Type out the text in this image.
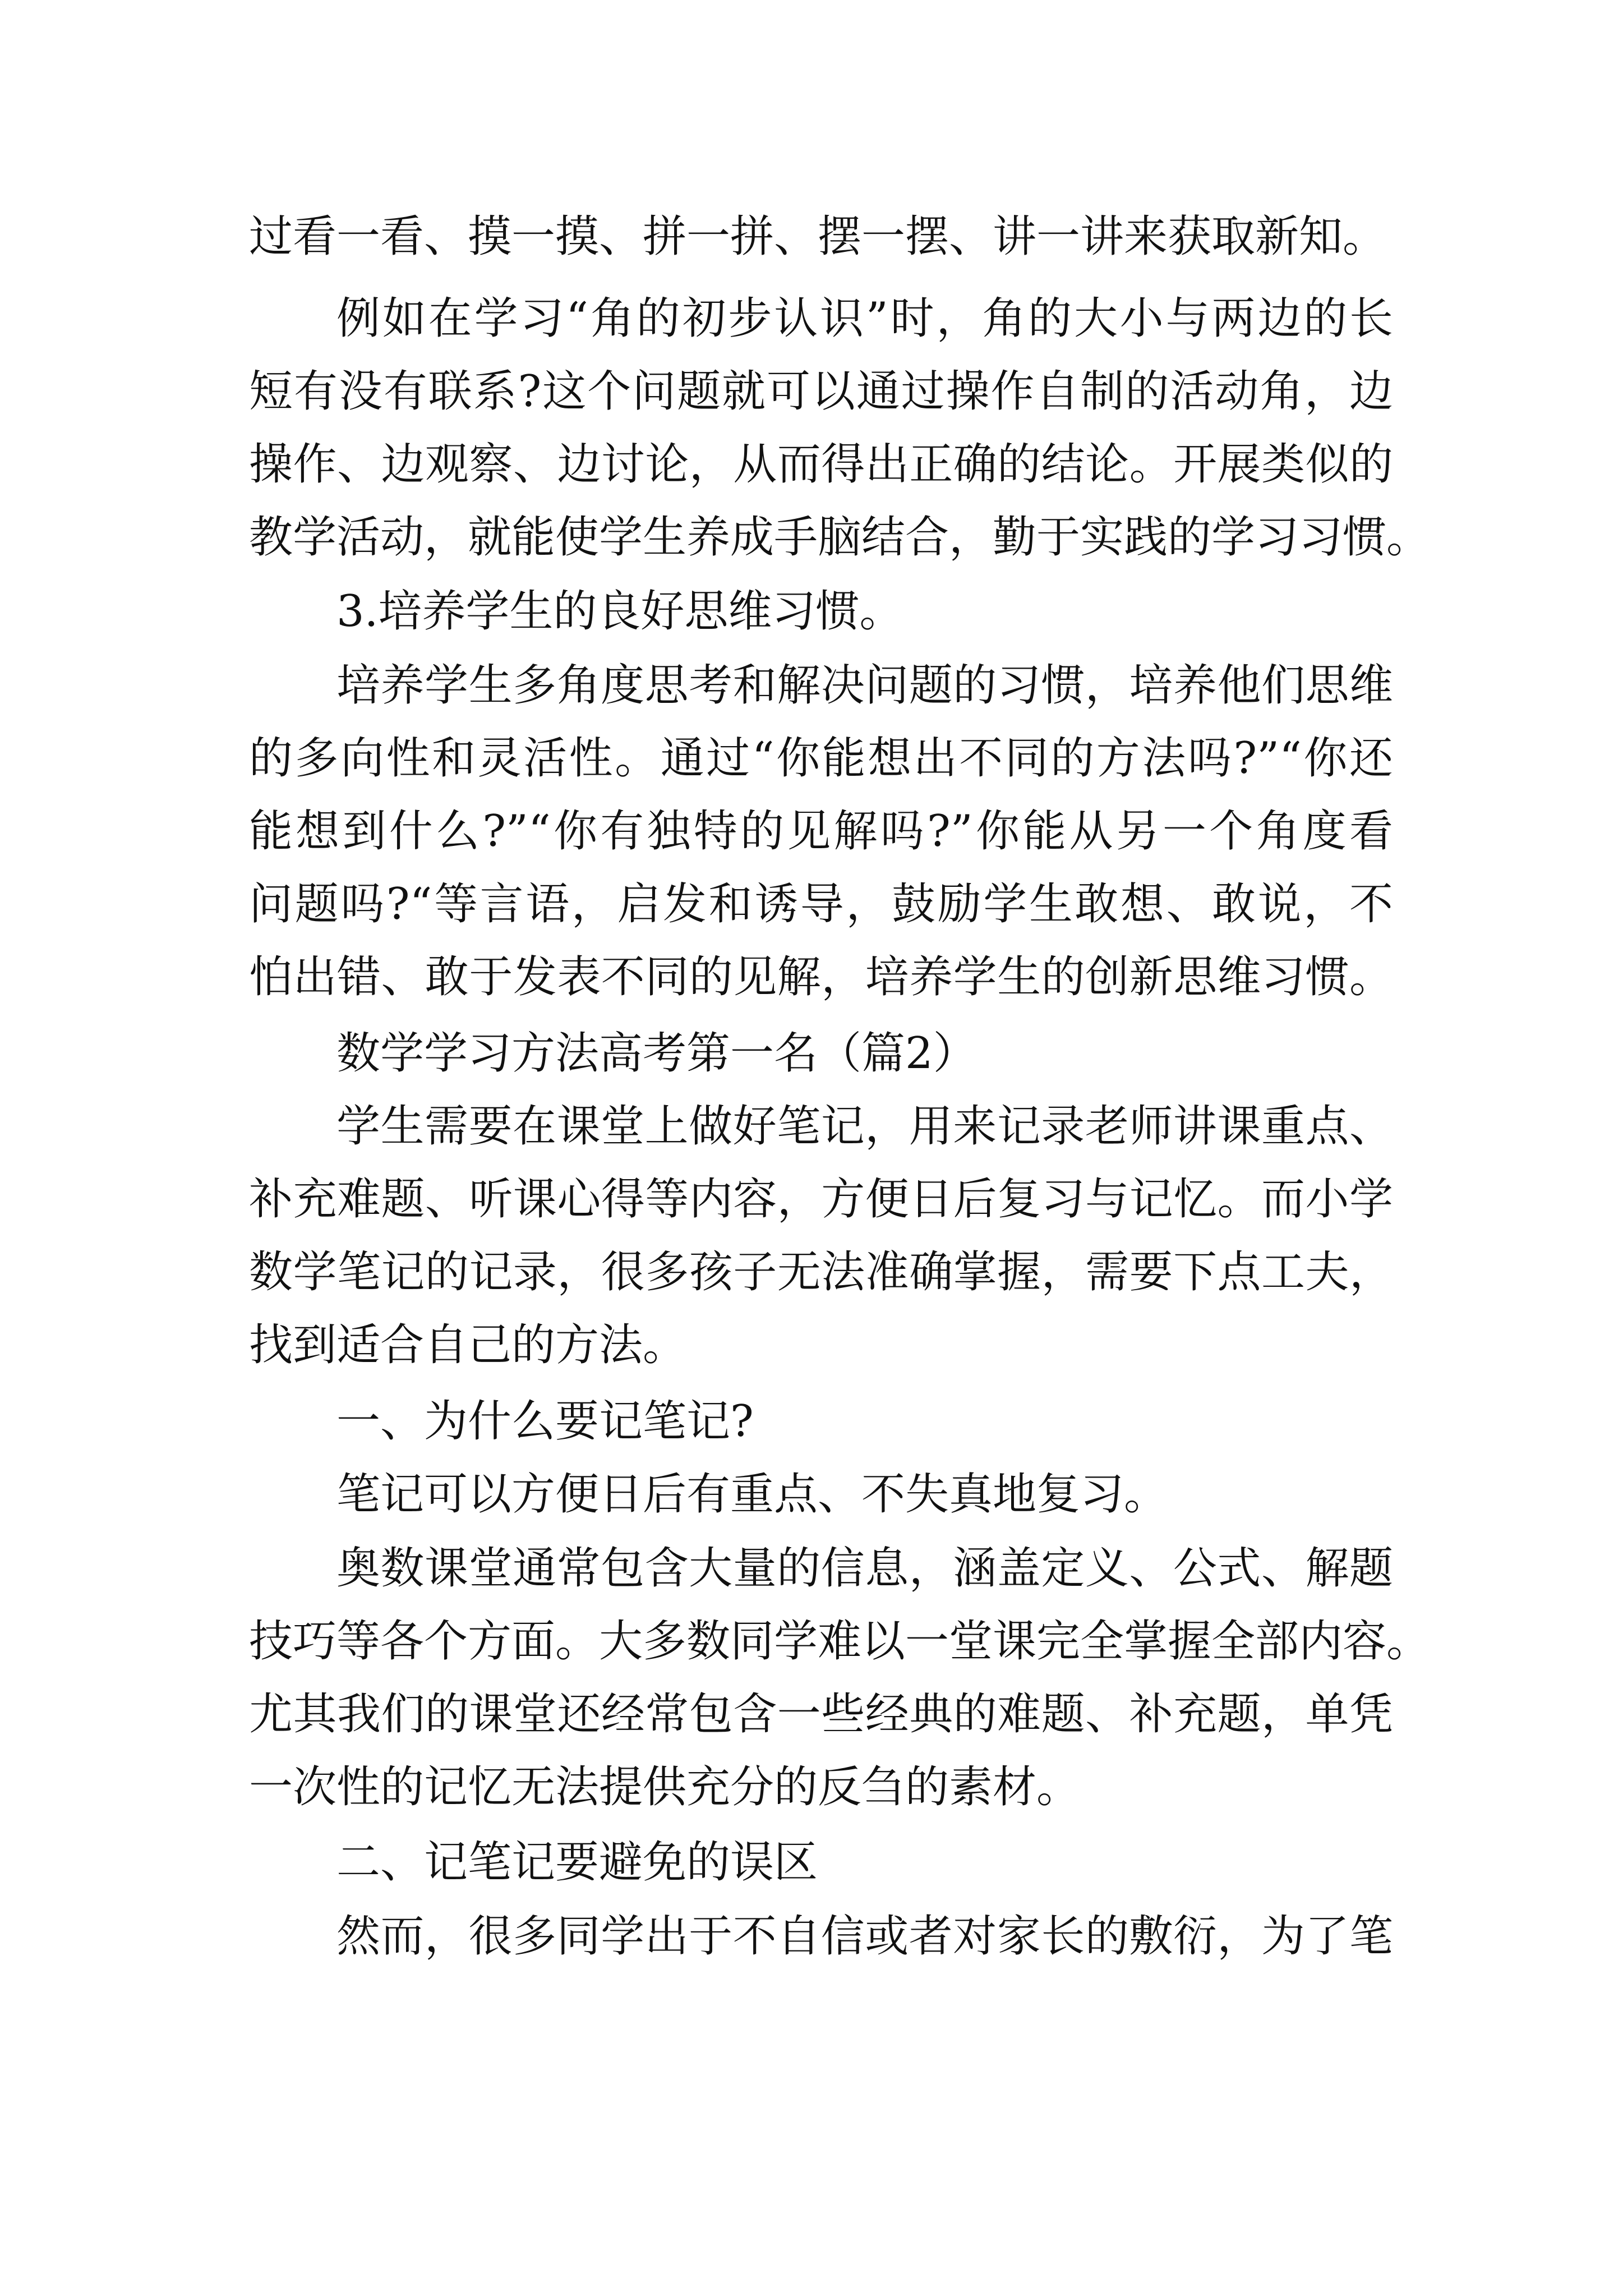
过看一看、摸一摸、拼一拼、摆一摆、讲一讲来获取新知。
例如在学习“角的初步认识”时，角的大小与两边的长
短有没有联系?这个问题就可以通过操作自制的活动角，边
操作、边观察、边讨论，从而得出正确的结论。开展类似的
教学活动，就能使学生养成手脑结合，勤于实践的学习习惯。
3.培养学生的良好思维习惯。
培养学生多角度思考和解决问题的习惯，培养他们思维
的多向性和灵活性。通过“你能想出不同的方法吗?”“你还
能想到什么?”“你有独特的见解吗?”你能从另一个角度看
问题吗?“等言语，启发和诱导，鼓励学生敢想、敢说，不
怕出错、敢于发表不同的见解，培养学生的创新思维习惯。
数学学习方法高考第一名（篇2）
学生需要在课堂上做好笔记，用来记录老师讲课重点、
补充难题、听课心得等内容，方便日后复习与记忆。而小学
数学笔记的记录，很多孩子无法准确掌握，需要下点工夫，
找到适合自己的方法。
一、为什么要记笔记?
笔记可以方便日后有重点、不失真地复习。
奥数课堂通常包含大量的信息，涵盖定义、公式、解题
技巧等各个方面。大多数同学难以一堂课完全掌握全部内容。
尤其我们的课堂还经常包含一些经典的难题、补充题，单凭
一次性的记忆无法提供充分的反刍的素材。
二、记笔记要避免的误区
然而，很多同学出于不自信或者对家长的敷衍，为了笔
